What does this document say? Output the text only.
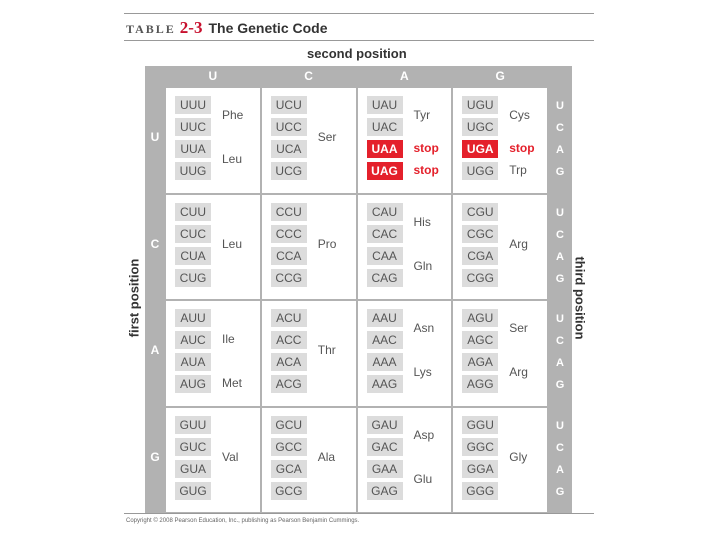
TABLE 2-3 The Genetic Code
second position
first position	third position
U
U
U
C
A
G
C
C
U
C
A
G
A
A
U
C
A
G
G
G
U
C
A
G
UUU
UUC
UUA
UUG
Phe
Leu
UCU
UCC
UCA
UCG
Ser
UAU
UAC
UAA
UAG
Tyr
stop
stop
UGU
UGC
UGA
UGG
Cys
stop
Trp
CUU
CUC
CUA
CUG
Leu
CCU
CCC
CCA
CCG
Pro
CAU
CAC
CAA
CAG
His
Gln
CGU
CGC
CGA
CGG
Arg
AUU
AUC
AUA
AUG
Ile
Met
ACU
ACC
ACA
ACG
Thr
AAU
AAC
AAA
AAG
Asn
Lys
AGU
AGC
AGA
AGG
Ser
Arg
GUU
GUC
GUA
GUG
Val
GCU
GCC
GCA
GCG
Ala
GAU
GAC
GAA
GAG
Asp
Glu
GGU
GGC
GGA
GGG
Gly
Copyright © 2008 Pearson Education, Inc., publishing as Pearson Benjamin Cummings.
